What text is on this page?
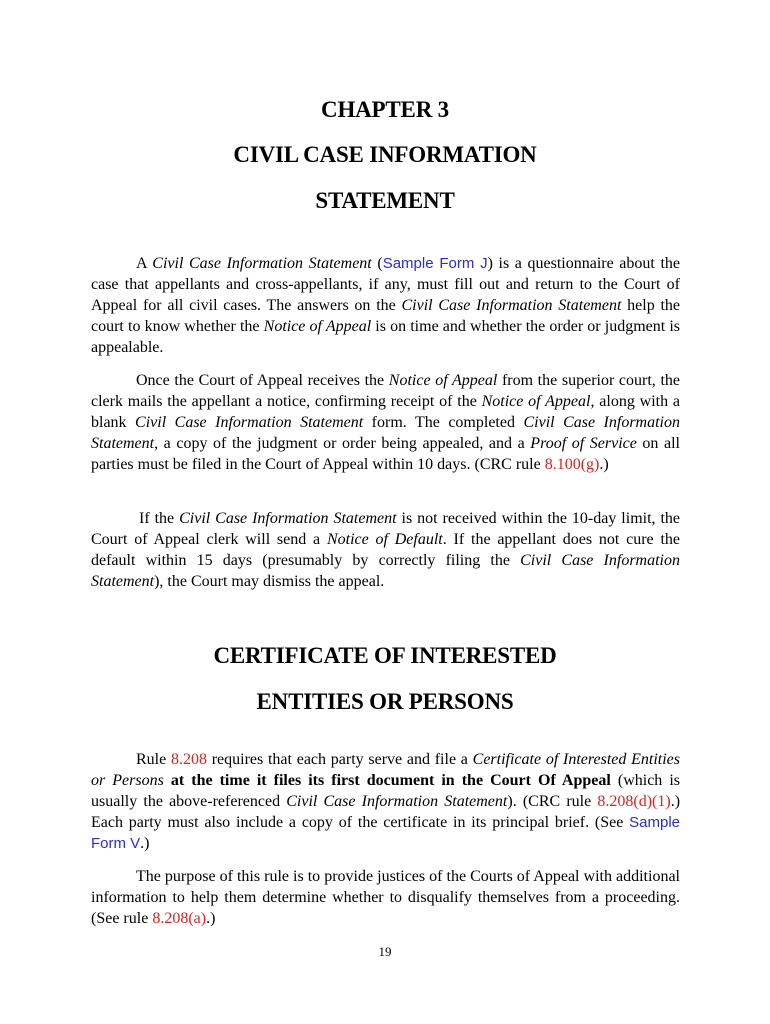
CHAPTER 3
CIVIL CASE INFORMATION
STATEMENT
A Civil Case Information Statement (Sample Form J) is a questionnaire about the case that appellants and cross-appellants, if any, must fill out and return to the Court of Appeal for all civil cases. The answers on the Civil Case Information Statement help the court to know whether the Notice of Appeal is on time and whether the order or judgment is appealable.
Once the Court of Appeal receives the Notice of Appeal from the superior court, the clerk mails the appellant a notice, confirming receipt of the Notice of Appeal, along with a blank Civil Case Information Statement form. The completed Civil Case Information Statement, a copy of the judgment or order being appealed, and a Proof of Service on all parties must be filed in the Court of Appeal within 10 days. (CRC rule 8.100(g).)
If the Civil Case Information Statement is not received within the 10-day limit, the Court of Appeal clerk will send a Notice of Default. If the appellant does not cure the default within 15 days (presumably by correctly filing the Civil Case Information Statement), the Court may dismiss the appeal.
CERTIFICATE OF INTERESTED
ENTITIES OR PERSONS
Rule 8.208 requires that each party serve and file a Certificate of Interested Entities or Persons at the time it files its first document in the Court Of Appeal (which is usually the above-referenced Civil Case Information Statement). (CRC rule 8.208(d)(1).) Each party must also include a copy of the certificate in its principal brief. (See Sample Form V.)
The purpose of this rule is to provide justices of the Courts of Appeal with additional information to help them determine whether to disqualify themselves from a proceeding. (See rule 8.208(a).)
19
